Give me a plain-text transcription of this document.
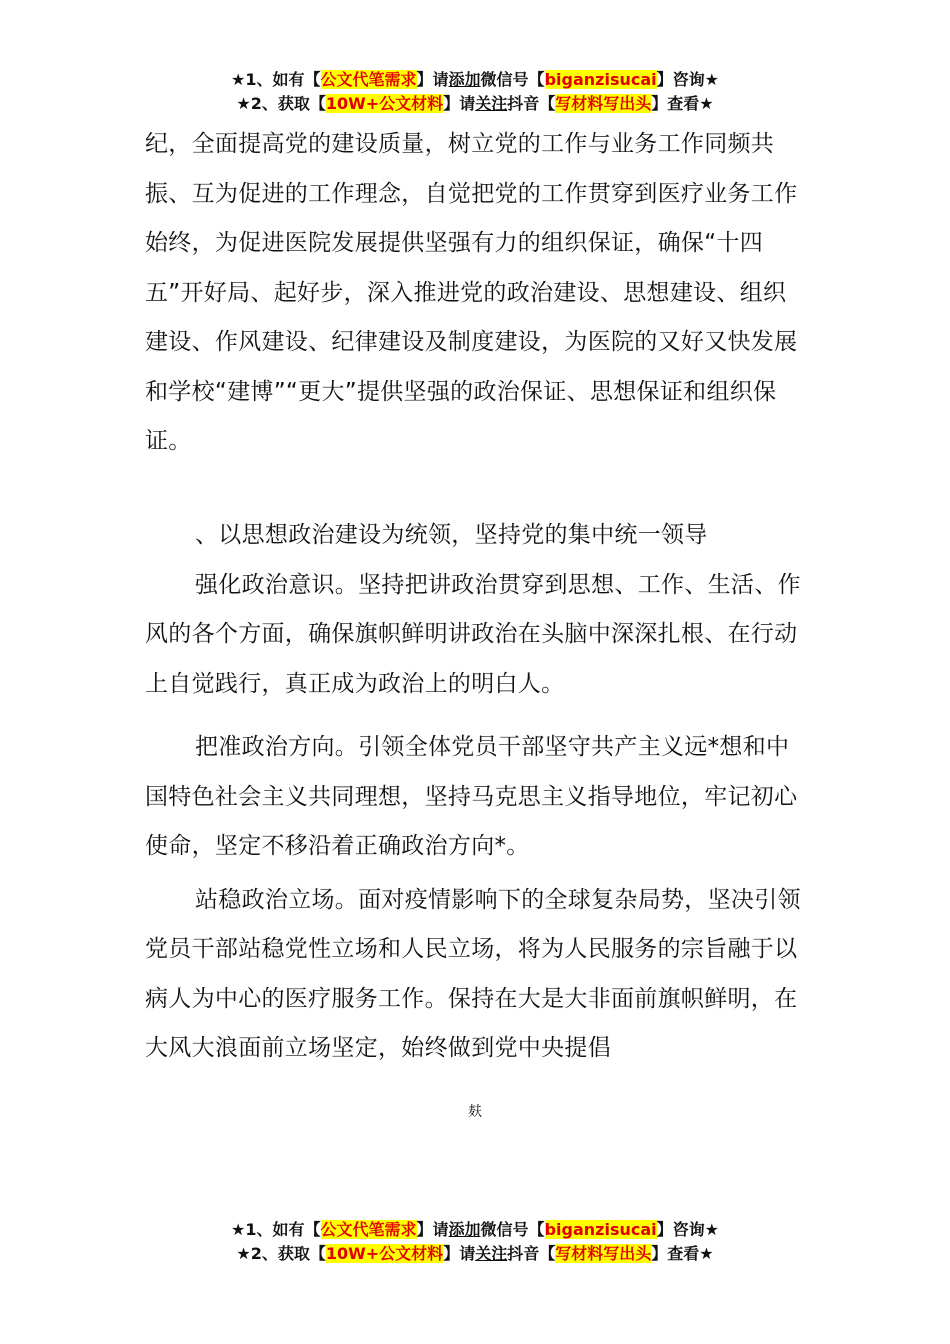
★1、如有【公文代笔需求】请添加微信号【biganzisucai】咨询★
★2、获取【10W+公文材料】请关注抖音【写材料写出头】查看★

纪，全面提高党的建设质量，树立党的工作与业务工作同频共振、互为促进的工作理念，自觉把党的工作贯穿到医疗业务工作始终，为促进医院发展提供坚强有力的组织保证，确保“十四五”开好局、起好步，深入推进党的政治建设、思想建设、组织建设、作风建设、纪律建设及制度建设，为医院的又好又快发展和学校“建博”“更大”提供坚强的政治保证、思想保证和组织保证。

、以思想政治建设为统领，坚持党的集中统一领导

强化政治意识。坚持把讲政治贯穿到思想、工作、生活、作风的各个方面，确保旗帜鲜明讲政治在头脑中深深扎根、在行动上自觉践行，真正成为政治上的明白人。

把准政治方向。引领全体党员干部坚守共产主义远*想和中国特色社会主义共同理想，坚持马克思主义指导地位，牢记初心使命，坚定不移沿着正确政治方向*。

站稳政治立场。面对疫情影响下的全球复杂局势，坚决引领党员干部站稳党性立场和人民立场，将为人民服务的宗旨融于以病人为中心的医疗服务工作。保持在大是大非面前旗帜鲜明，在大风大浪面前立场坚定，始终做到党中央提倡

麸
★1、如有【公文代笔需求】请添加微信号【biganzisucai】咨询★
★2、获取【10W+公文材料】请关注抖音【写材料写出头】查看★
